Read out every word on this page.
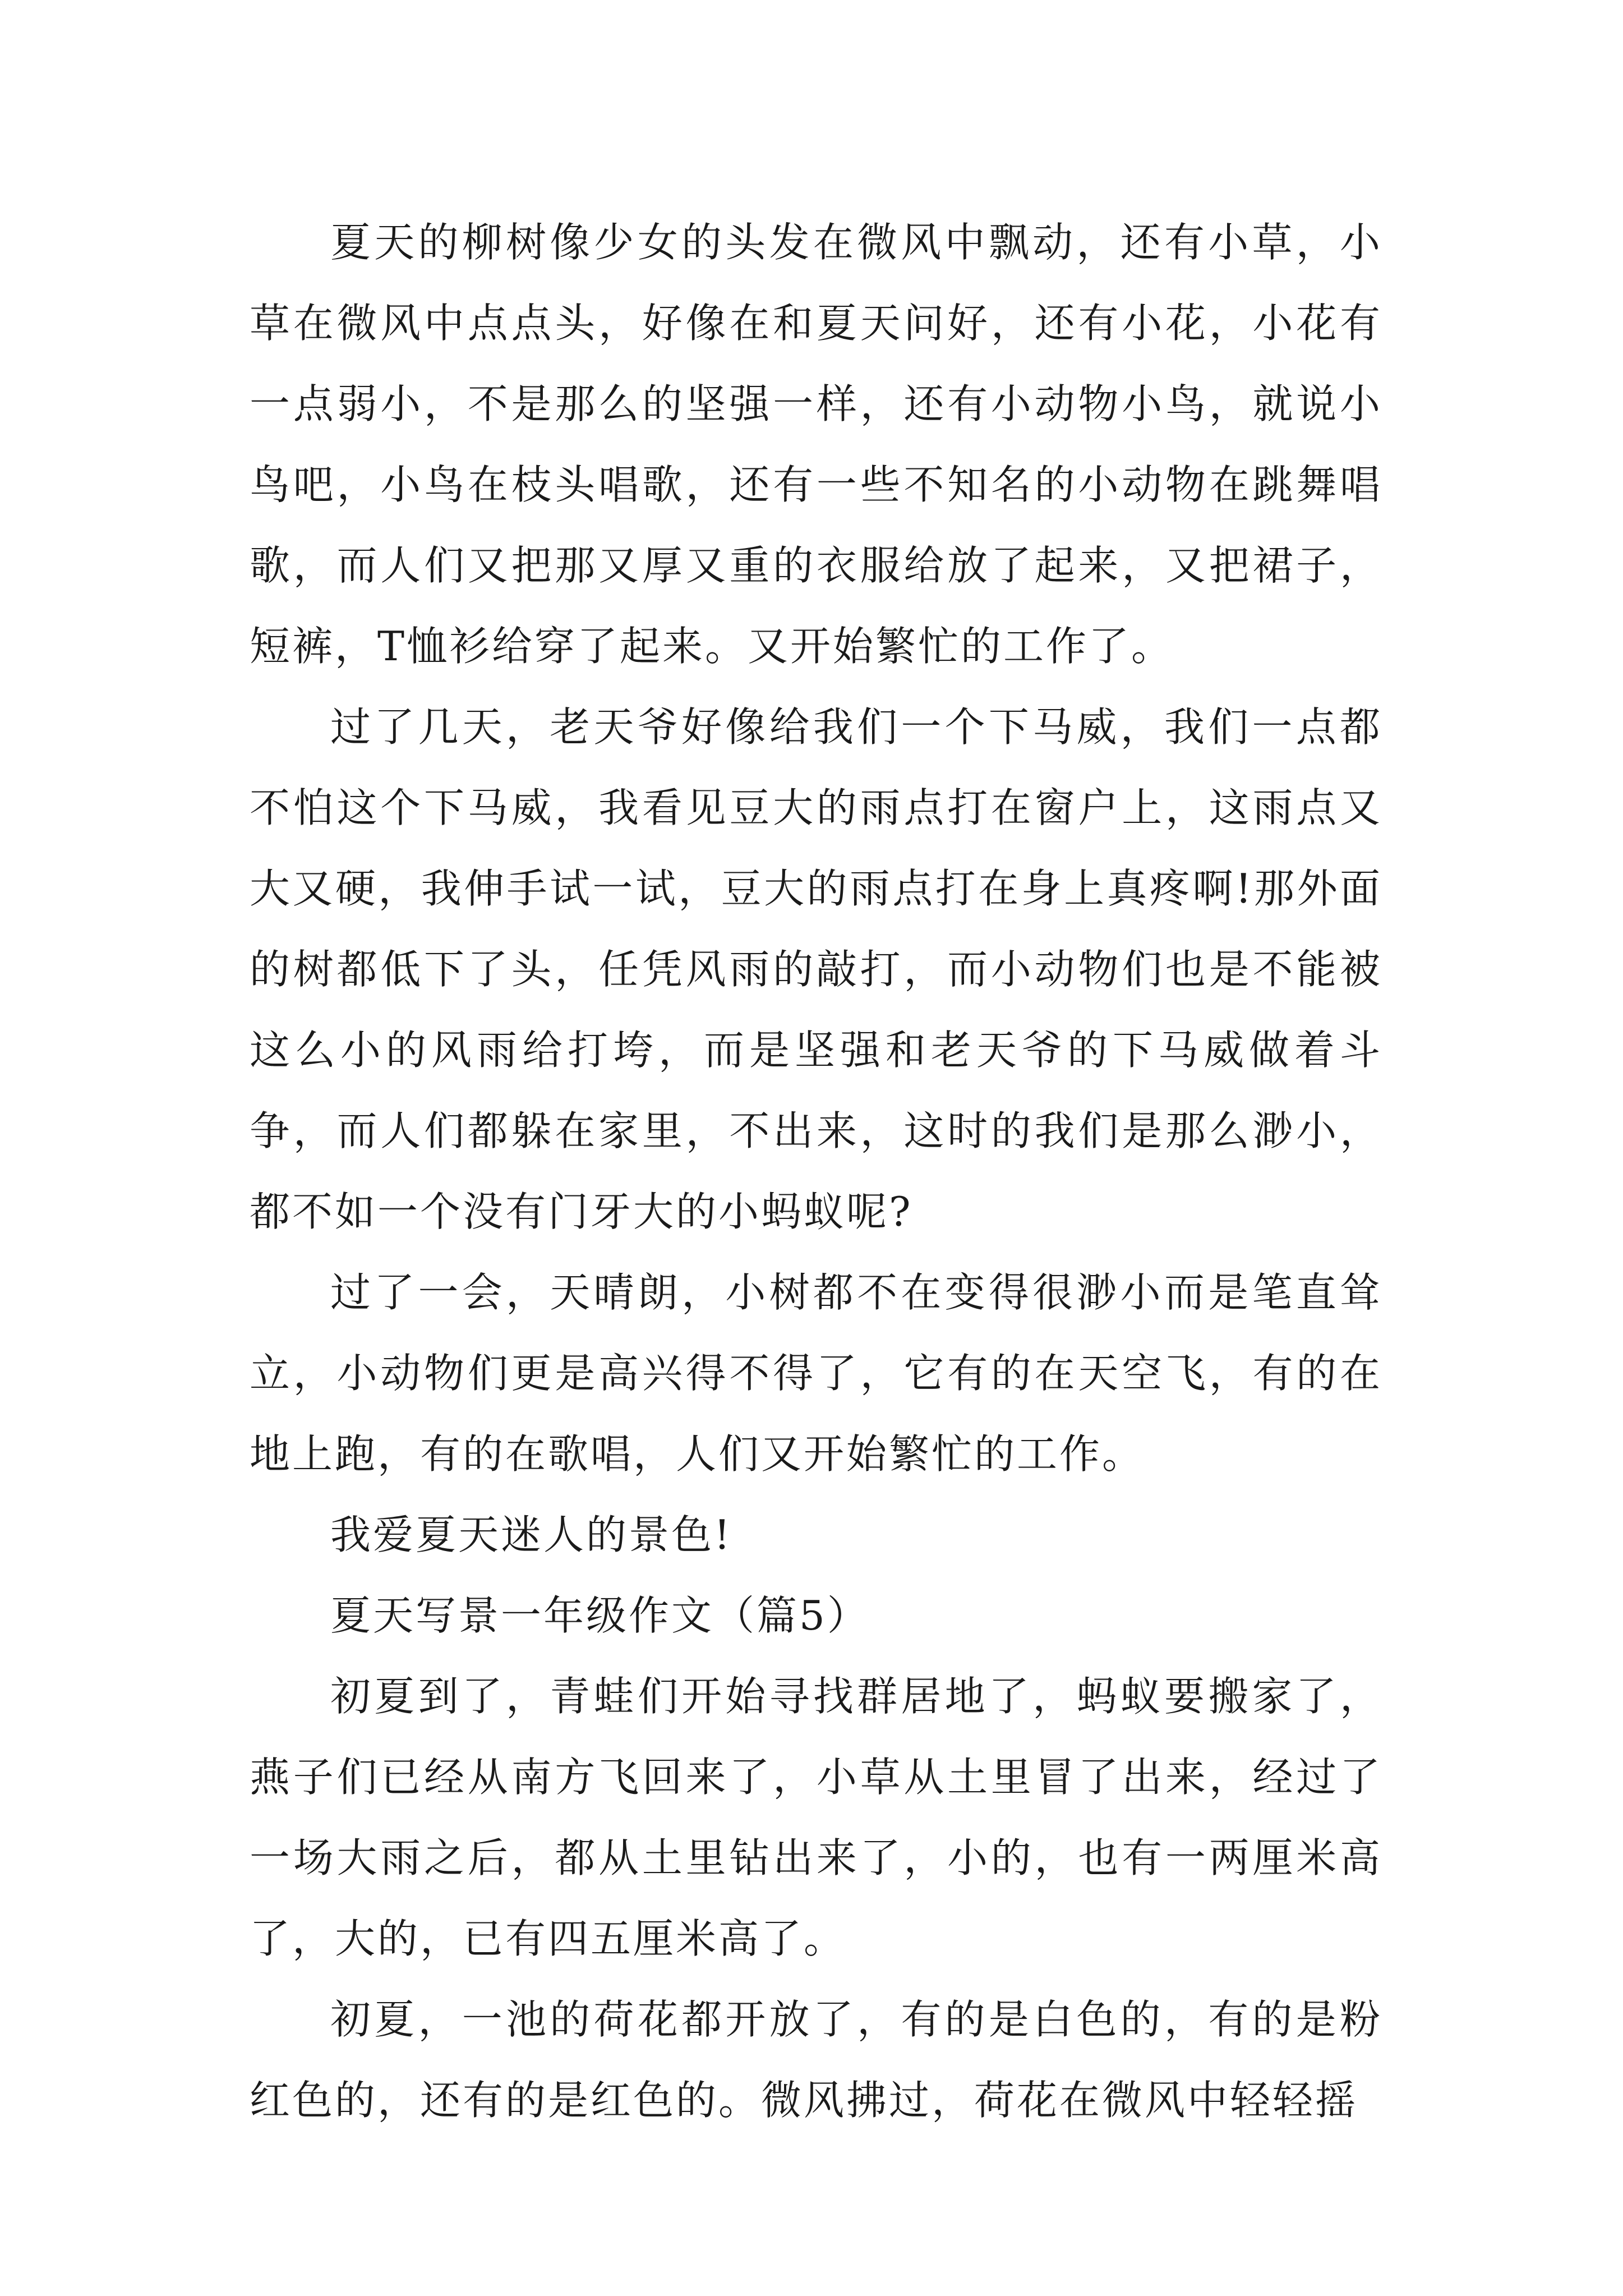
夏天的柳树像少女的头发在微风中飘动，还有小草，小草在微风中点点头，好像在和夏天问好，还有小花，小花有一点弱小，不是那么的坚强一样，还有小动物小鸟，就说小鸟吧，小鸟在枝头唱歌，还有一些不知名的小动物在跳舞唱歌，而人们又把那又厚又重的衣服给放了起来，又把裙子，短裤，T恤衫给穿了起来。又开始繁忙的工作了。

过了几天，老天爷好像给我们一个下马威，我们一点都不怕这个下马威，我看见豆大的雨点打在窗户上，这雨点又大又硬，我伸手试一试，豆大的雨点打在身上真疼啊!那外面的树都低下了头，任凭风雨的敲打，而小动物们也是不能被这么小的风雨给打垮，而是坚强和老天爷的下马威做着斗争，而人们都躲在家里，不出来，这时的我们是那么渺小，都不如一个没有门牙大的小蚂蚁呢?

过了一会，天晴朗，小树都不在变得很渺小而是笔直耸立，小动物们更是高兴得不得了，它有的在天空飞，有的在地上跑，有的在歌唱，人们又开始繁忙的工作。

我爱夏天迷人的景色!

夏天写景一年级作文（篇5）

初夏到了，青蛙们开始寻找群居地了，蚂蚁要搬家了，燕子们已经从南方飞回来了，小草从土里冒了出来，经过了一场大雨之后，都从土里钻出来了，小的，也有一两厘米高了，大的，已有四五厘米高了。

初夏，一池的荷花都开放了，有的是白色的，有的是粉红色的，还有的是红色的。微风拂过，荷花在微风中轻轻摇
